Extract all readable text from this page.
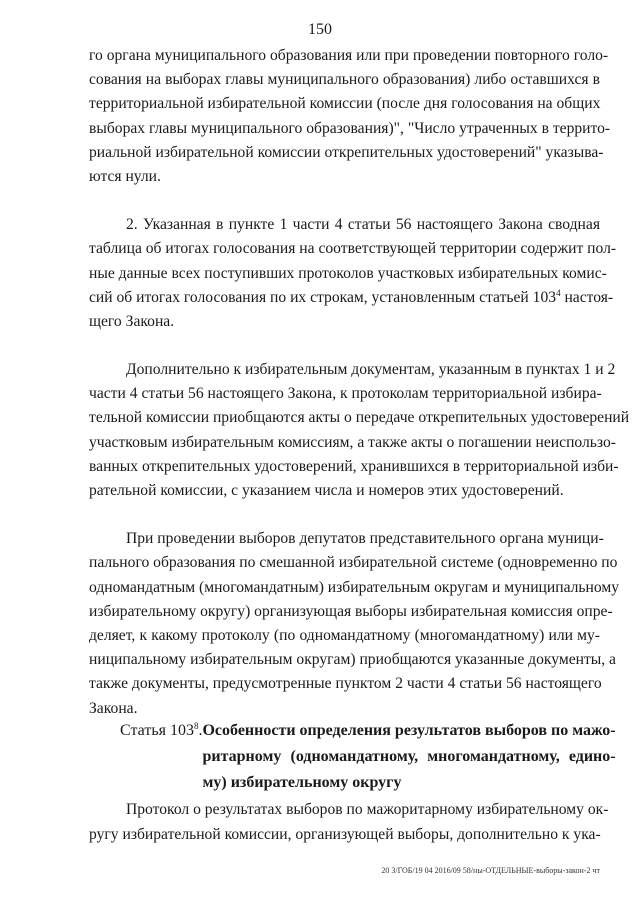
150
го органа муниципального образования или при проведении повторного голо-
сования на выборах главы муниципального образования) либо оставшихся в
территориальной избирательной комиссии (после дня голосования на общих
выборах главы муниципального образования)", "Число утраченных в террито-
риальной избирательной комиссии открепительных удостоверений" указыва-
ются нули.
2. Указанная в пункте 1 части 4 статьи 56 настоящего Закона сводная
таблица об итогах голосования на соответствующей территории содержит пол-
ные данные всех поступивших протоколов участковых избирательных комис-
сий об итогах голосования по их строкам, установленным статьей $103^4$ настоя-
щего Закона.
Дополнительно к избирательным документам, указанным в пунктах 1 и 2
части 4 статьи 56 настоящего Закона, к протоколам территориальной избира-
тельной комиссии приобщаются акты о передаче открепительных удостоверений
участковым избирательным комиссиям, а также акты о погашении неиспользо-
ванных открепительных удостоверений, хранившихся в территориальной изби-
рательной комиссии, с указанием числа и номеров этих удостоверений.
При проведении выборов депутатов представительного органа муници-
пального образования по смешанной избирательной системе (одновременно по
одномандатным (многомандатным) избирательным округам и муниципальному
избирательному округу) организующая выборы избирательная комиссия опре-
деляет, к какому протоколу (по одномандатному (многомандатному) или му-
ниципальному избирательным округам) приобщаются указанные документы, а
также документы, предусмотренные пунктом 2 части 4 статьи 56 настоящего
Закона.
Статья $103^8$. Особенности определения результатов выборов по мажо-
ритарному (одномандатному, многомандатному, едино-
му) избирательному округу
Протокол о результатах выборов по мажоритарному избирательному ок-
ругу избирательной комиссии, организующей выборы, дополнительно к ука-
20 3/ГОБ/19 04 2016/09 58/ны-ОТДЕЛЬНЫЕ-выборы-закон-2 чт
